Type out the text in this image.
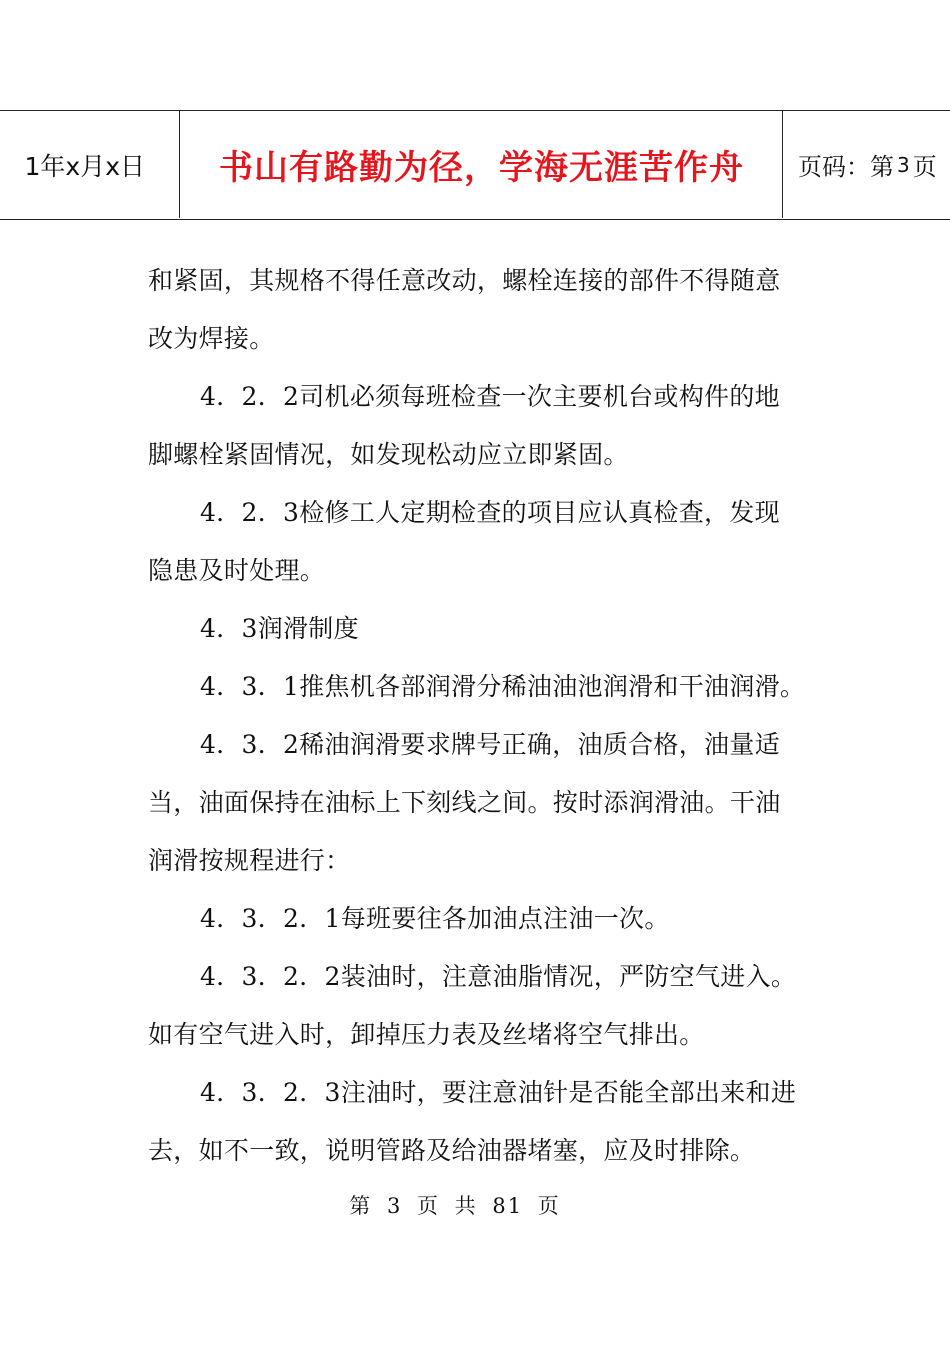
1年x月x日	书山有路勤为径，学海无涯苦作舟	页码：第 3 页
和紧固，其规格不得任意改动，螺栓连接的部件不得随意
改为焊接。
4．2．2司机必须每班检查一次主要机台或构件的地
脚螺栓紧固情况，如发现松动应立即紧固。
4．2．3检修工人定期检查的项目应认真检查，发现
隐患及时处理。
4．3润滑制度
4．3．1推焦机各部润滑分稀油油池润滑和干油润滑。
4．3．2稀油润滑要求牌号正确，油质合格，油量适
当，油面保持在油标上下刻线之间。按时添润滑油。干油
润滑按规程进行：
4．3．2．1每班要往各加油点注油一次。
4．3．2．2装油时，注意油脂情况，严防空气进入。
如有空气进入时，卸掉压力表及丝堵将空气排出。
4．3．2．3注油时，要注意油针是否能全部出来和进
去，如不一致，说明管路及给油器堵塞，应及时排除。
第 3 页 共 81 页
